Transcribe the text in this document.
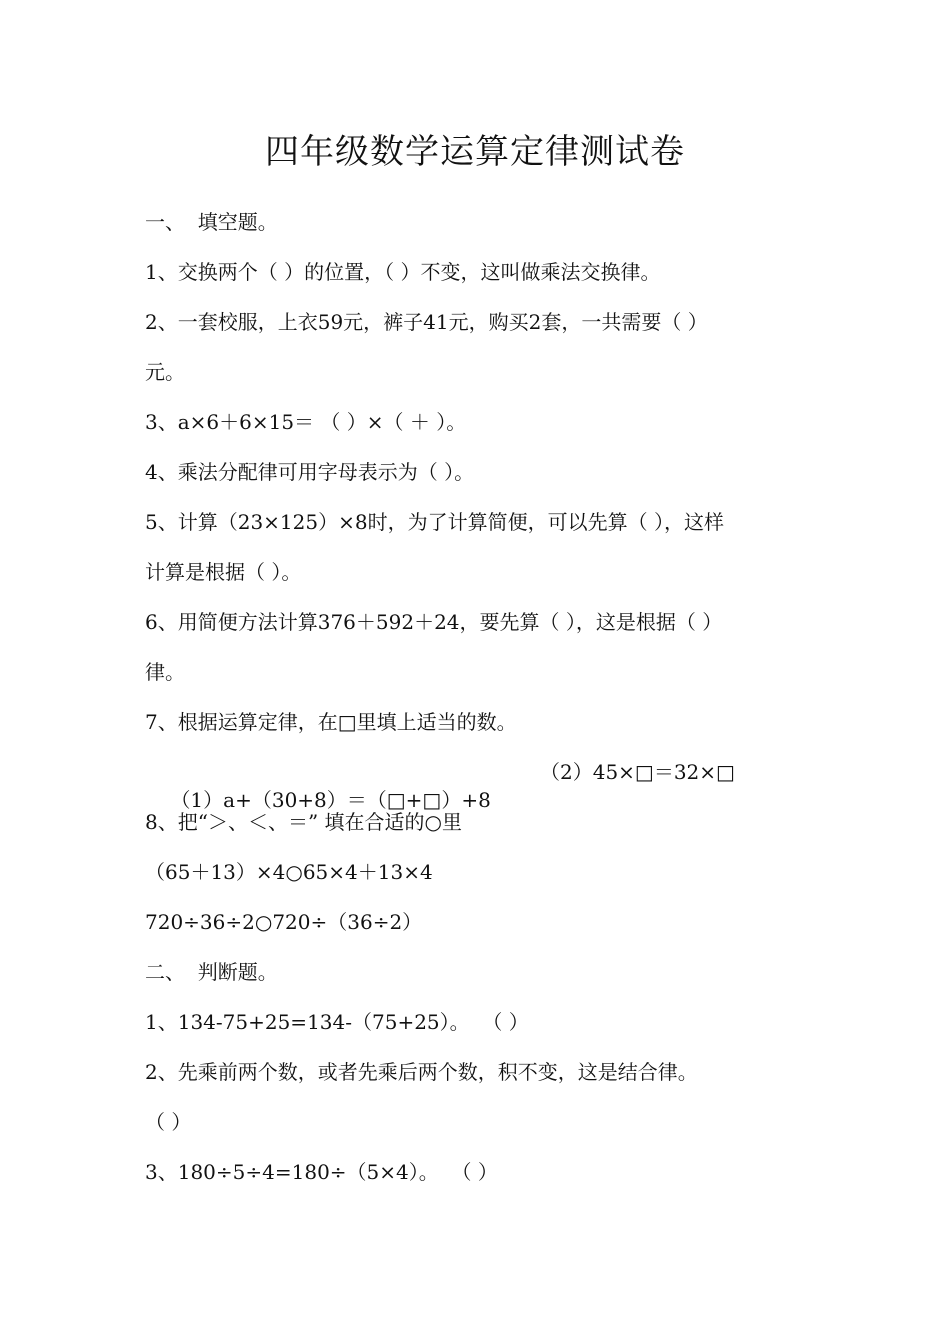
四年级数学运算定律测试卷
一、  填空题。
1、交换两个（ ）的位置，（ ）不变，这叫做乘法交换律。
2、一套校服，上衣59元，裤子41元，购买2套，一共需要（ ）
元。
3、a×6＋6×15＝ （ ）×（ ＋ ）。
4、乘法分配律可用字母表示为（ ）。
5、计算（23×125）×8时，为了计算简便，可以先算（ ），这样
计算是根据（ ）。
6、用简便方法计算376＋592＋24，要先算（ ），这是根据（ ）
律。
7、根据运算定律，在□里填上适当的数。

（1）a+（30+8）＝（□+□）+8

（2）45×□＝32×□

8、把“＞、＜、＝” 填在合适的○里
（65＋13）×4○65×4＋13×4
720÷36÷2○720÷（36÷2）
二、  判断题。
1、134-75+25=134-（75+25）。  （ ）
2、先乘前两个数，或者先乘后两个数，积不变，这是结合律。
（ ）
3、180÷5÷4=180÷（5×4）。  （ ）
